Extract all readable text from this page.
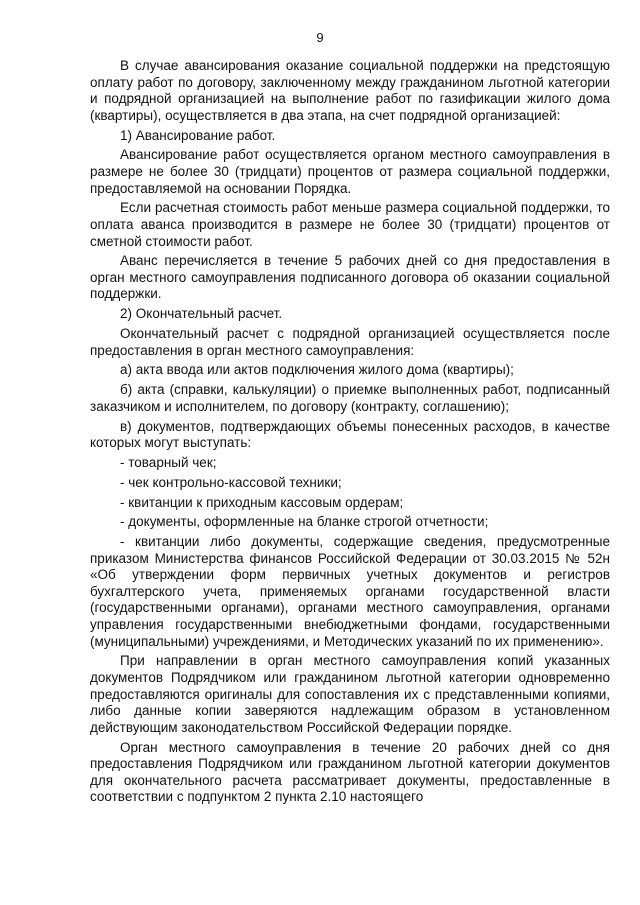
9

В случае авансирования оказание социальной поддержки на предстоящую оплату работ по договору, заключенному между гражданином льготной категории и подрядной организацией на выполнение работ по газификации жилого дома (квартиры), осуществляется в два этапа, на счет подрядной организацией:

1) Авансирование работ.

Авансирование работ осуществляется органом местного самоуправления в размере не более 30 (тридцати) процентов от размера социальной поддержки, предоставляемой на основании Порядка.

Если расчетная стоимость работ меньше размера социальной поддержки, то оплата аванса производится в размере не более 30 (тридцати) процентов от сметной стоимости работ.

Аванс перечисляется в течение 5 рабочих дней со дня предоставления в орган местного самоуправления подписанного договора об оказании социальной поддержки.

2) Окончательный расчет.

Окончательный расчет с подрядной организацией осуществляется после предоставления в орган местного самоуправления:

а) акта ввода или актов подключения жилого дома (квартиры);

б) акта (справки, калькуляции) о приемке выполненных работ, подписанный заказчиком и исполнителем, по договору (контракту, соглашению);

в) документов, подтверждающих объемы понесенных расходов, в качестве которых могут выступать:

- товарный чек;

- чек контрольно-кассовой техники;

- квитанции к приходным кассовым ордерам;

- документы, оформленные на бланке строгой отчетности;

- квитанции либо документы, содержащие сведения, предусмотренные приказом Министерства финансов Российской Федерации от 30.03.2015 № 52н «Об утверждении форм первичных учетных документов и регистров бухгалтерского учета, применяемых органами государственной власти (государственными органами), органами местного самоуправления, органами управления государственными внебюджетными фондами, государственными (муниципальными) учреждениями, и Методических указаний по их применению».

При направлении в орган местного самоуправления копий указанных документов Подрядчиком или гражданином льготной категории одновременно предоставляются оригиналы для сопоставления их с представленными копиями, либо данные копии заверяются надлежащим образом в установленном действующим законодательством Российской Федерации порядке.

Орган местного самоуправления в течение 20 рабочих дней со дня предоставления Подрядчиком или гражданином льготной категории документов для окончательного расчета рассматривает документы, предоставленные в соответствии с подпунктом 2 пункта 2.10 настоящего
